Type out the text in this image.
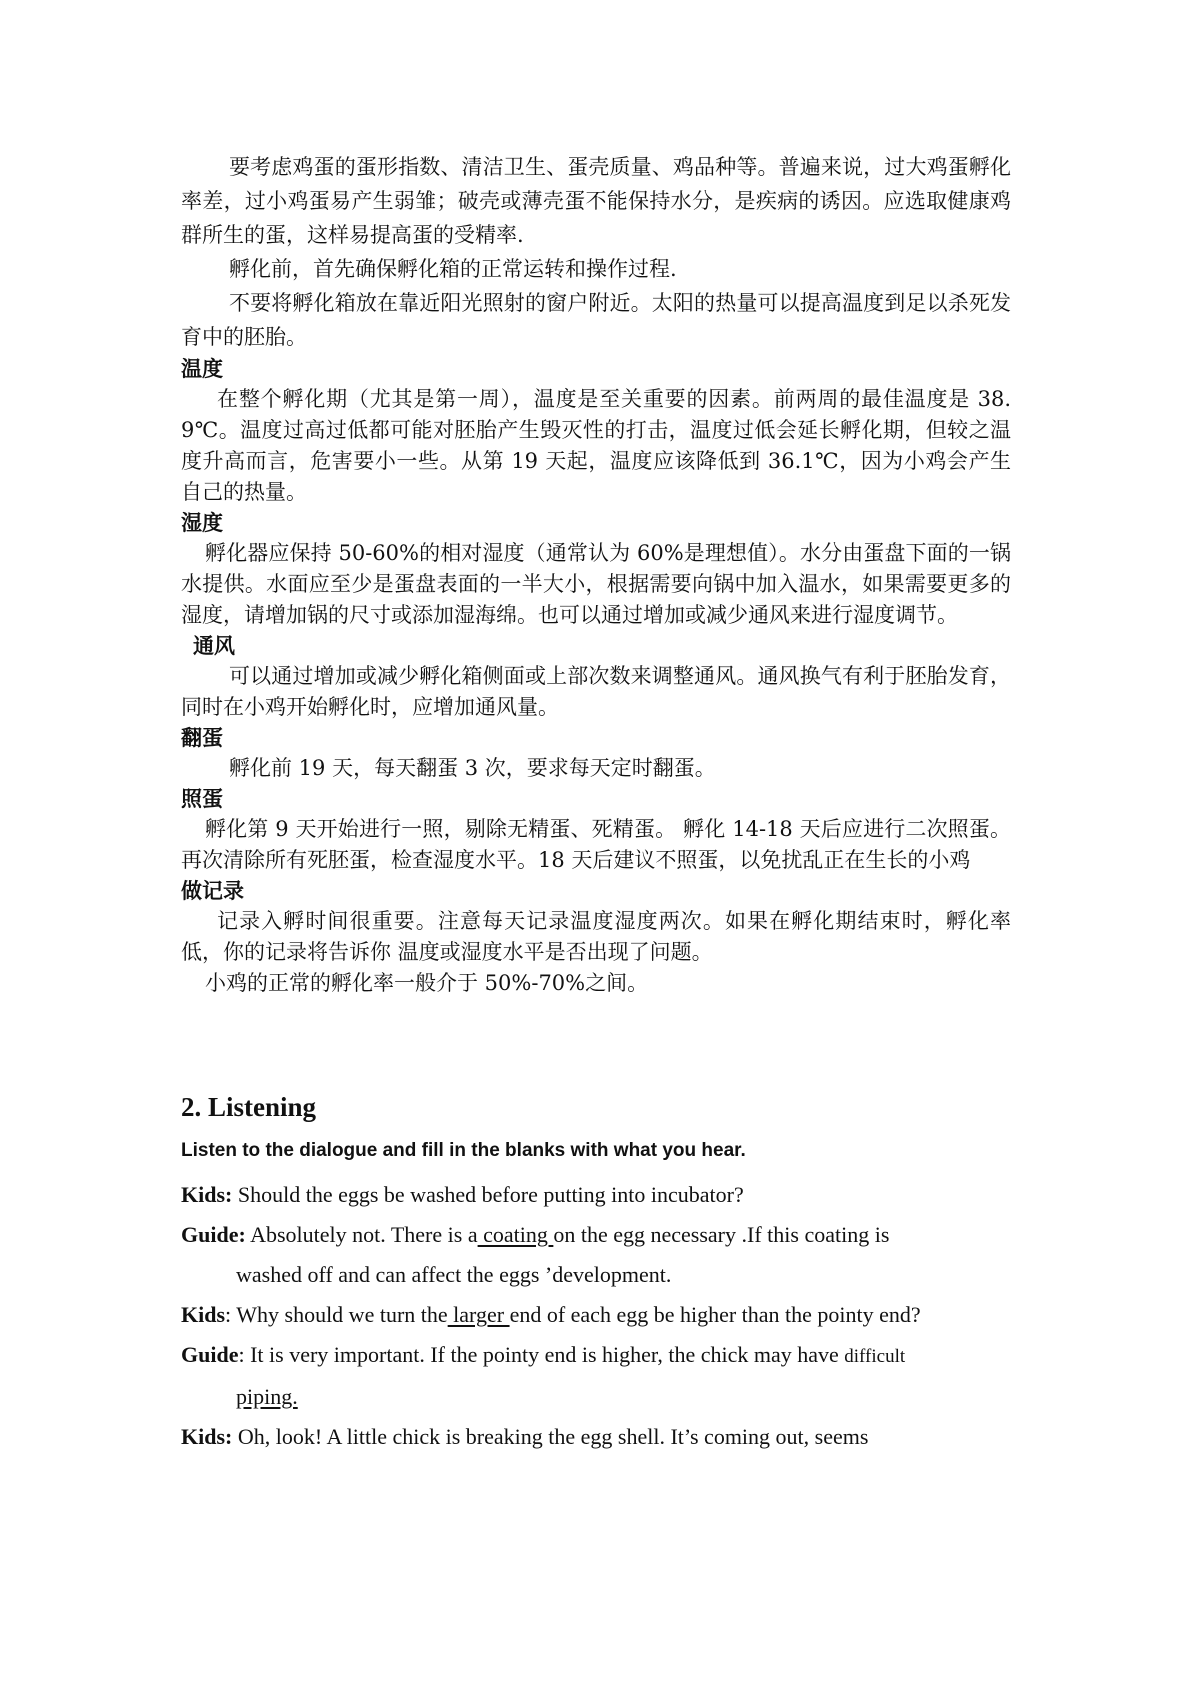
要考虑鸡蛋的蛋形指数、清洁卫生、蛋壳质量、鸡品种等。普遍来说，过大鸡蛋孵化率差，过小鸡蛋易产生弱雏；破壳或薄壳蛋不能保持水分，是疾病的诱因。应选取健康鸡群所生的蛋，这样易提高蛋的受精率.

孵化前，首先确保孵化箱的正常运转和操作过程.

不要将孵化箱放在靠近阳光照射的窗户附近。太阳的热量可以提高温度到足以杀死发育中的胚胎。

温度

在整个孵化期（尤其是第一周），温度是至关重要的因素。前两周的最佳温度是 38.9℃。温度过高过低都可能对胚胎产生毁灭性的打击，温度过低会延长孵化期，但较之温度升高而言，危害要小一些。从第 19 天起，温度应该降低到 36.1℃，因为小鸡会产生自己的热量。

湿度

孵化器应保持 50-60%的相对湿度（通常认为 60%是理想值）。水分由蛋盘下面的一锅水提供。水面应至少是蛋盘表面的一半大小，根据需要向锅中加入温水，如果需要更多的湿度，请增加锅的尺寸或添加湿海绵。也可以通过增加或减少通风来进行湿度调节。

通风

可以通过增加或减少孵化箱侧面或上部次数来调整通风。通风换气有利于胚胎发育，同时在小鸡开始孵化时，应增加通风量。

翻蛋

孵化前 19 天，每天翻蛋 3 次，要求每天定时翻蛋。

照蛋

孵化第 9 天开始进行一照，剔除无精蛋、死精蛋。 孵化 14-18 天后应进行二次照蛋。 再次清除所有死胚蛋，检查湿度水平。18 天后建议不照蛋，以免扰乱正在生长的小鸡

做记录

记录入孵时间很重要。注意每天记录温度湿度两次。如果在孵化期结束时，孵化率低，你的记录将告诉你 温度或湿度水平是否出现了问题。

小鸡的正常的孵化率一般介于 50%-70%之间。

2. Listening

Listen to the dialogue and fill in the blanks with what you hear.

Kids: Should the eggs be washed before putting into incubator?

Guide: Absolutely not. There is a coating on the egg necessary .If this coating is
washed off and can affect the eggs ’development.

Kids: Why should we turn the larger end of each egg be higher than the pointy end?

Guide: It is very important. If the pointy end is higher, the chick may have difficult
piping.

Kids: Oh, look! A little chick is breaking the egg shell. It’s coming out, seems
